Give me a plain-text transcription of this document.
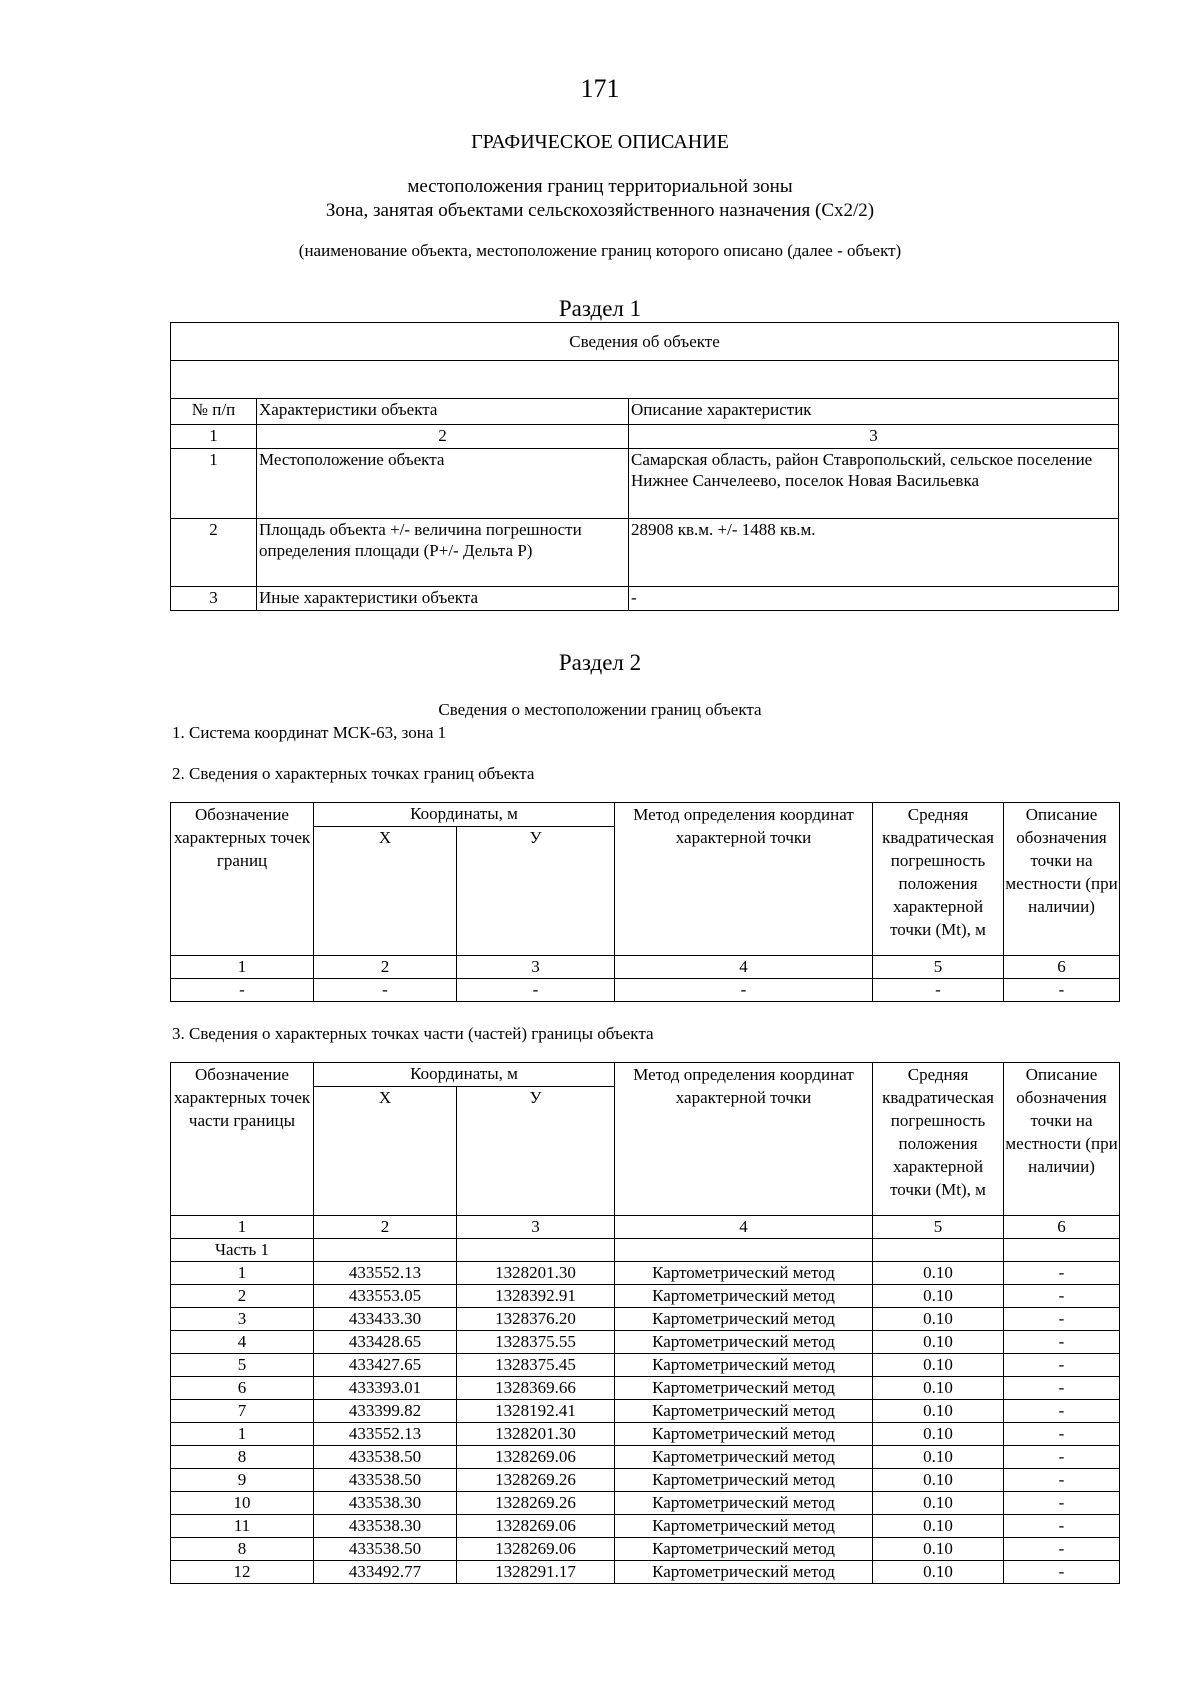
171
ГРАФИЧЕСКОЕ ОПИСАНИЕ
местоположения границ территориальной зоны
Зона, занятая объектами сельскохозяйственного назначения (Сх2/2)
(наименование объекта, местоположение границ которого описано (далее - объект)
Раздел 1
Сведения об объекте		

№ п/п	Характеристики объекта	Описание характеристик
1	2	3
1	Местоположение объекта	Самарская область, район Ставропольский, сельское поселение Нижнее Санчелеево, поселок Новая Васильевка
2	Площадь объекта +/- величина погрешности определения площади (Р+/- Дельта Р)	28908 кв.м. +/- 1488 кв.м.
3	Иные характеристики объекта	-
Раздел 2
Сведения о местоположении границ объекта
1. Система координат МСК-63, зона 1
2. Сведения о характерных точках границ объекта
Обозначение характерных точек границ	Координаты, м		Метод определения координат характерной точки	Средняя квадратическая погрешность положения характерной точки (Mt), м	Описание обозначения точки на местности (при наличии)
	X	У			
1	2	3	4	5	6
-	-	-	-	-	-
3. Сведения о характерных точках части (частей) границы объекта
Обозначение характерных точек части границы	Координаты, м		Метод определения координат характерной точки	Средняя квадратическая погрешность положения характерной точки (Mt), м	Описание обозначения точки на местности (при наличии)
	X	У			
1	2	3	4	5	6
Часть 1					
1	433552.13	1328201.30	Картометрический метод	0.10	-
2	433553.05	1328392.91	Картометрический метод	0.10	-
3	433433.30	1328376.20	Картометрический метод	0.10	-
4	433428.65	1328375.55	Картометрический метод	0.10	-
5	433427.65	1328375.45	Картометрический метод	0.10	-
6	433393.01	1328369.66	Картометрический метод	0.10	-
7	433399.82	1328192.41	Картометрический метод	0.10	-
1	433552.13	1328201.30	Картометрический метод	0.10	-
8	433538.50	1328269.06	Картометрический метод	0.10	-
9	433538.50	1328269.26	Картометрический метод	0.10	-
10	433538.30	1328269.26	Картометрический метод	0.10	-
11	433538.30	1328269.06	Картометрический метод	0.10	-
8	433538.50	1328269.06	Картометрический метод	0.10	-
12	433492.77	1328291.17	Картометрический метод	0.10	-
